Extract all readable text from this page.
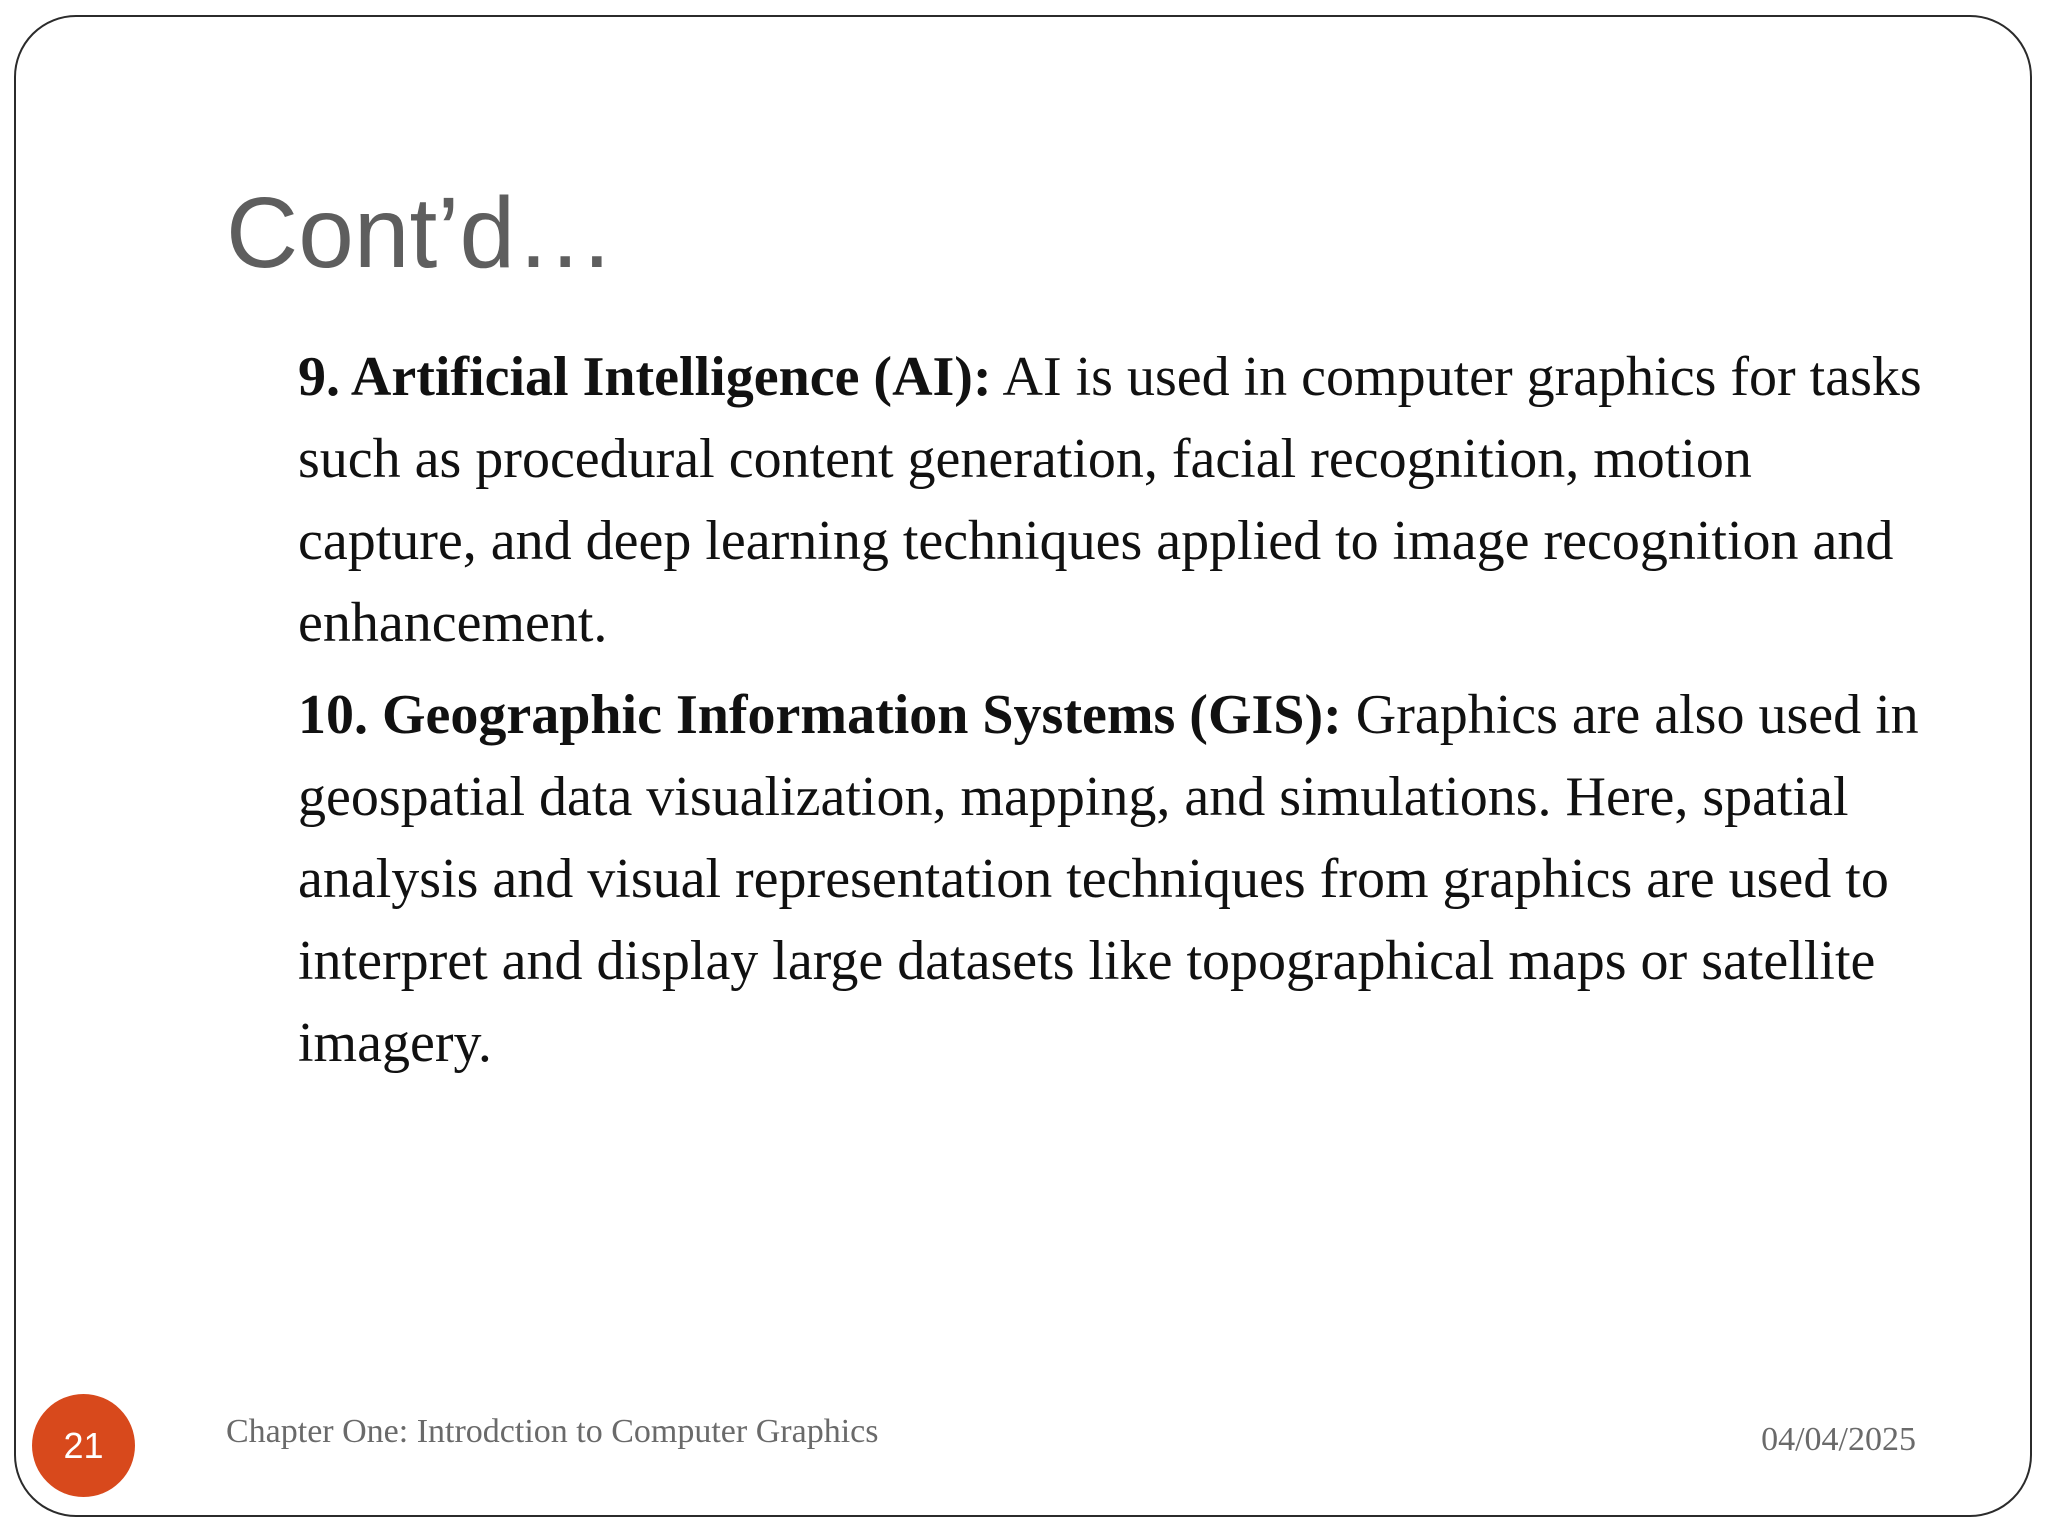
Cont’d…

9. Artificial Intelligence (AI): AI is used in computer graphics for tasks such as procedural content generation, facial recognition, motion capture, and deep learning techniques applied to image recognition and enhancement.

10. Geographic Information Systems (GIS): Graphics are also used in geospatial data visualization, mapping, and simulations. Here, spatial analysis and visual representation techniques from graphics are used to interpret and display large datasets like topographical maps or satellite imagery.

21	Chapter One: Introdction to Computer Graphics	04/04/2025
